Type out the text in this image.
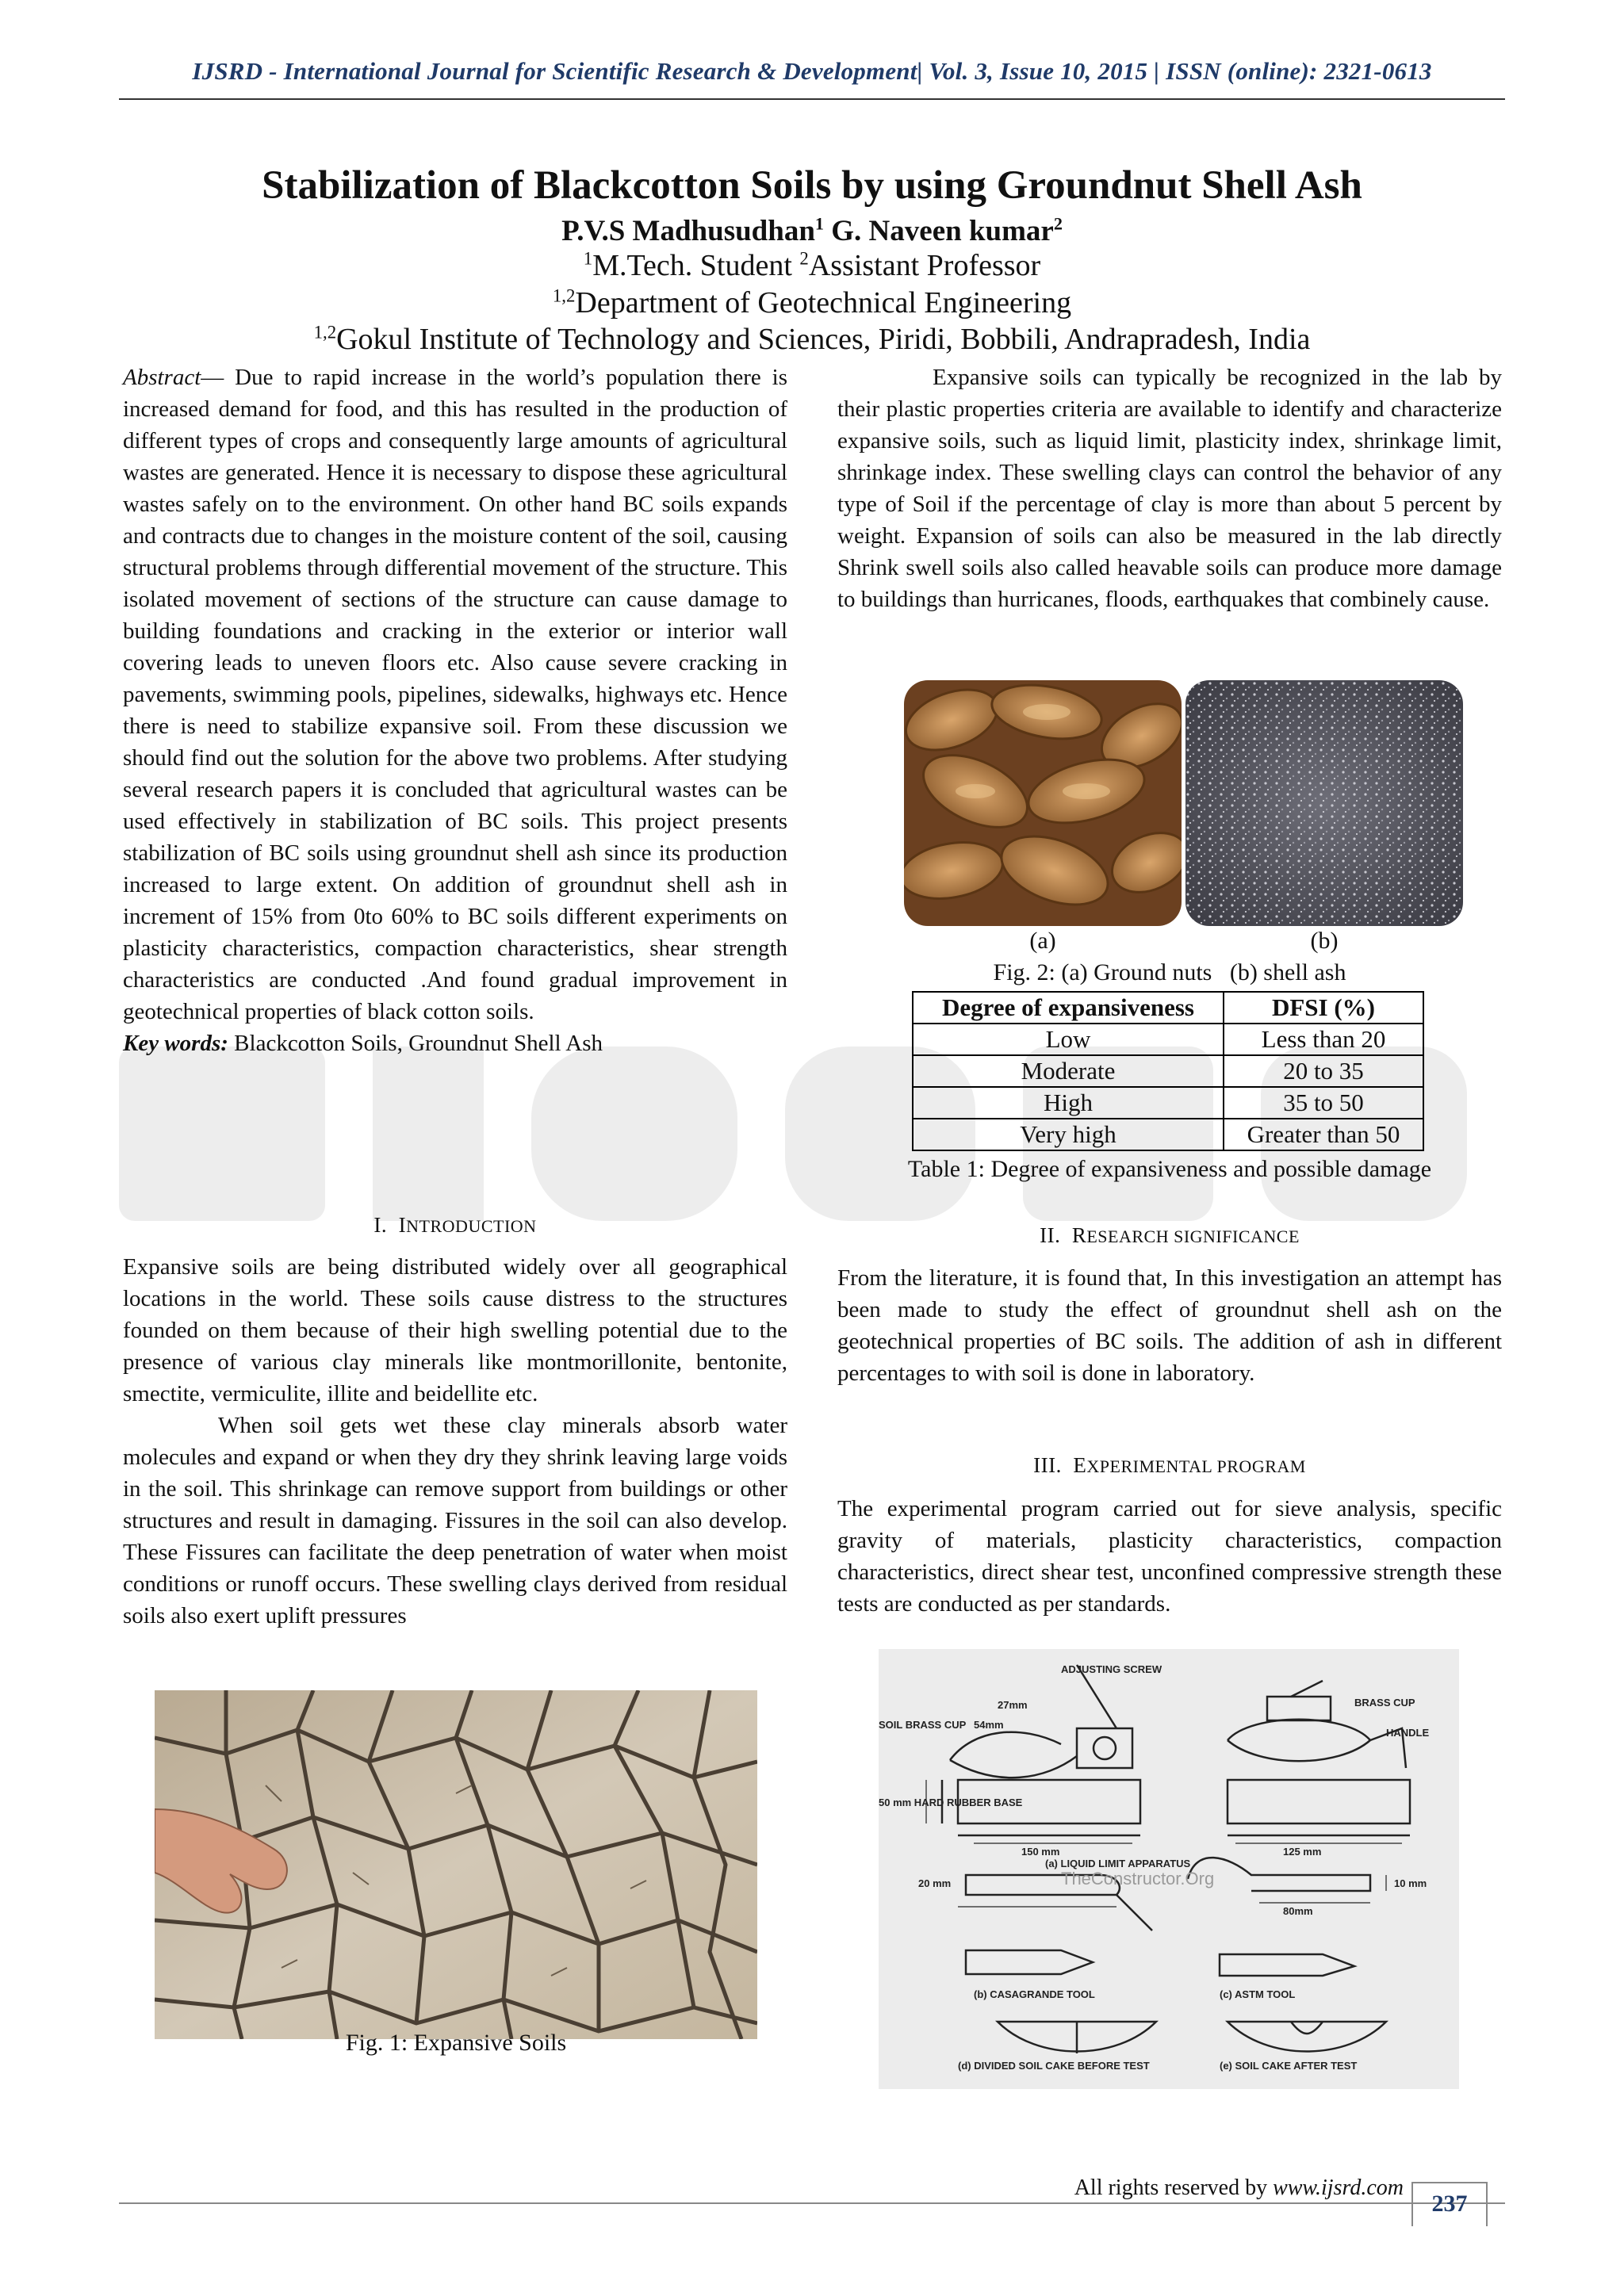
IJSRD - International Journal for Scientific Research & Development| Vol. 3, Issue 10, 2015 | ISSN (online): 2321-0613
Stabilization of Blackcotton Soils by using Groundnut Shell Ash
P.V.S Madhusudhan$^1$ G. Naveen kumar$^2$
$^1$M.Tech. Student $^2$Assistant Professor
$^{1,2}$Department of Geotechnical Engineering
$^{1,2}$Gokul Institute of Technology and Sciences, Piridi, Bobbili, Andrapradesh, India

Abstract— Due to rapid increase in the world’s population there is increased demand for food, and this has resulted in the production of different types of crops and consequently large amounts of agricultural wastes are generated. Hence it is necessary to dispose these agricultural wastes safely on to the environment. On other hand BC soils expands and contracts due to changes in the moisture content of the soil, causing structural problems through differential movement of the structure. This isolated movement of sections of the structure can cause damage to building foundations and cracking in the exterior or interior wall covering leads to uneven floors etc. Also cause severe cracking in pavements, swimming pools, pipelines, sidewalks, highways etc. Hence there is need to stabilize expansive soil. From these discussion we should find out the solution for the above two problems. After studying several research papers it is concluded that agricultural wastes can be used effectively in stabilization of BC soils. This project presents stabilization of BC soils using groundnut shell ash since its production increased to large extent. On addition of groundnut shell ash in increment of 15% from 0to 60% to BC soils different experiments on plasticity characteristics, compaction characteristics, shear strength characteristics are conducted .And found gradual improvement in geotechnical properties of black cotton soils.

Key words: Blackcotton Soils, Groundnut Shell Ash

I. INTRODUCTION

Expansive soils are being distributed widely over all geographical locations in the world. These soils cause distress to the structures founded on them because of their high swelling potential due to the presence of various clay minerals like montmorillonite, bentonite, smectite, vermiculite, illite and beidellite etc.

When soil gets wet these clay minerals absorb water molecules and expand or when they dry they shrink leaving large voids in the soil. This shrinkage can remove support from buildings or other structures and result in damaging. Fissures in the soil can also develop. These Fissures can facilitate the deep penetration of water when moist conditions or runoff occurs. These swelling clays derived from residual soils also exert uplift pressures

Fig. 1: Expansive Soils
Expansive soils can typically be recognized in the lab by their plastic properties criteria are available to identify and characterize expansive soils, such as liquid limit, plasticity index, shrinkage limit, shrinkage index. These swelling clays can control the behavior of any type of Soil if the percentage of clay is more than about 5 percent by weight. Expansion of soils can also be measured in the lab directly Shrink swell soils also called heavable soils can produce more damage to buildings than hurricanes, floods, earthquakes that combinely cause.
(a)	(b)
Fig. 2: (a) Ground nuts   (b) shell ash
Degree of expansiveness	DFSI (%)
Low	Less than 20
Moderate	20 to 35
High	35 to 50
Very high	Greater than 50
Table 1: Degree of expansiveness and possible damage
II. RESEARCH SIGNIFICANCE
From the literature, it is found that, In this investigation an attempt has been made to study the effect of groundnut shell ash on the geotechnical properties of BC soils. The addition of ash in different percentages to with soil is done in laboratory.
III. EXPERIMENTAL PROGRAM
The experimental program carried out for sieve analysis, specific gravity of materials, plasticity characteristics, compaction characteristics, direct shear test, unconfined compressive strength these tests are conducted as per standards.
ADJUSTING SCREW
BRASS CUP
SOIL BRASS CUP
HANDLE
27mm
54mm
50 mm HARD RUBBER BASE
150 mm	125 mm
(a) LIQUID LIMIT APPARATUS
TheConstructor.Org
20 mm
80mm
10 mm
(b) CASAGRANDE TOOL	(c) ASTM TOOL
(d) DIVIDED SOIL CAKE BEFORE TEST	(e) SOIL CAKE AFTER TEST
All rights reserved by www.ijsrd.com
237
